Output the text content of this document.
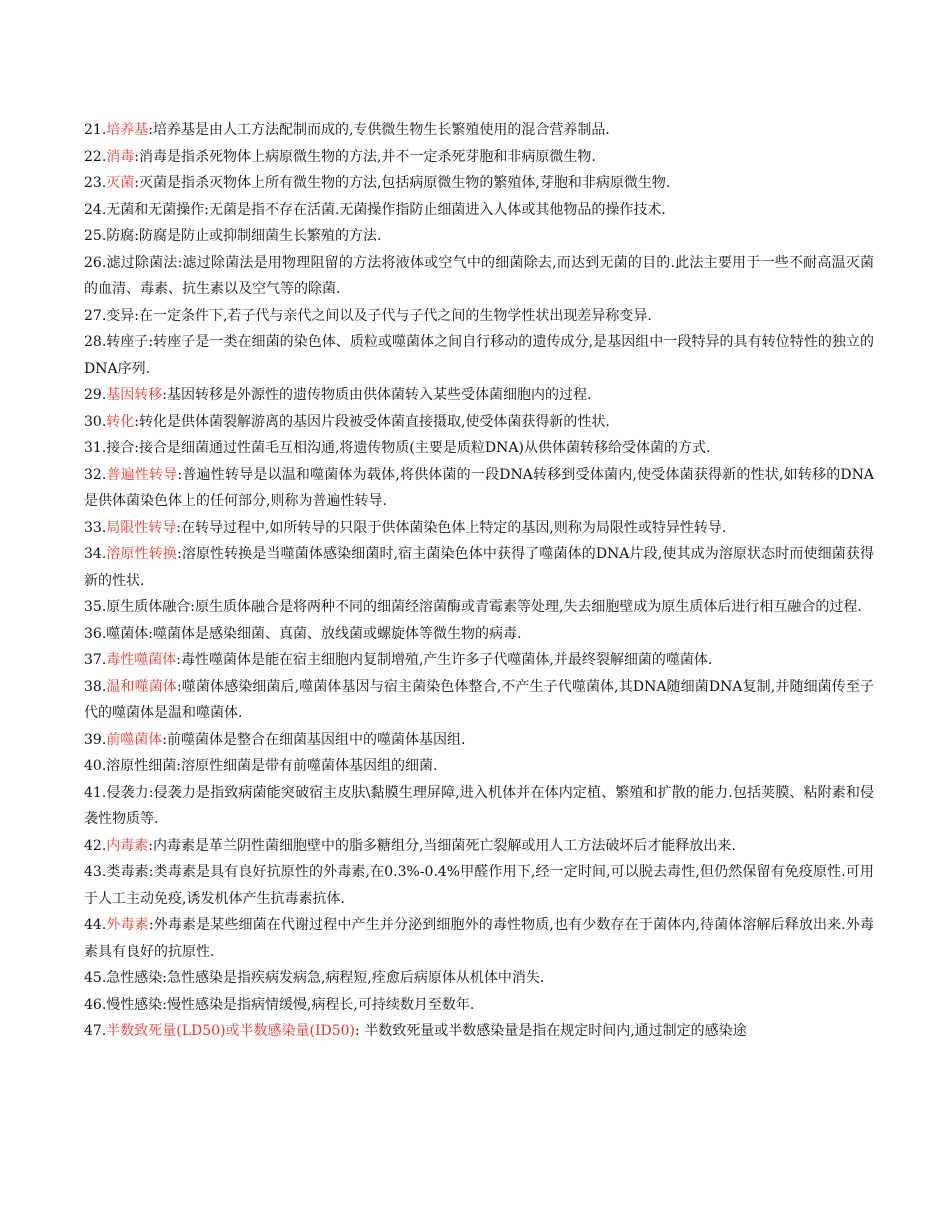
21.培养基:培养基是由人工方法配制而成的,专供微生物生长繁殖使用的混合营养制品.

22.消毒:消毒是指杀死物体上病原微生物的方法,并不一定杀死芽胞和非病原微生物.

23.灭菌:灭菌是指杀灭物体上所有微生物的方法,包括病原微生物的繁殖体,芽胞和非病原微生物.

24.无菌和无菌操作:无菌是指不存在活菌.无菌操作指防止细菌进入人体或其他物品的操作技术.

25.防腐:防腐是防止或抑制细菌生长繁殖的方法.

26.滤过除菌法:滤过除菌法是用物理阻留的方法将液体或空气中的细菌除去,而达到无菌的目的.此法主要用于一些不耐高温灭菌的血清、毒素、抗生素以及空气等的除菌.

27.变异:在一定条件下,若子代与亲代之间以及子代与子代之间的生物学性状出现差异称变异.

28.转座子:转座子是一类在细菌的染色体、质粒或噬菌体之间自行移动的遗传成分,是基因组中一段特异的具有转位特性的独立的DNA序列.

29.基因转移:基因转移是外源性的遗传物质由供体菌转入某些受体菌细胞内的过程.

30.转化:转化是供体菌裂解游离的基因片段被受体菌直接摄取,使受体菌获得新的性状.

31.接合:接合是细菌通过性菌毛互相沟通,将遗传物质(主要是质粒DNA)从供体菌转移给受体菌的方式.

32.普遍性转导:普遍性转导是以温和噬菌体为载体,将供体菌的一段DNA转移到受体菌内,使受体菌获得新的性状,如转移的DNA是供体菌染色体上的任何部分,则称为普遍性转导.

33.局限性转导:在转导过程中,如所转导的只限于供体菌染色体上特定的基因,则称为局限性或特异性转导.

34.溶原性转换:溶原性转换是当噬菌体感染细菌时,宿主菌染色体中获得了噬菌体的DNA片段,使其成为溶原状态时而使细菌获得新的性状.

35.原生质体融合:原生质体融合是将两种不同的细菌经溶菌酶或青霉素等处理,失去细胞壁成为原生质体后进行相互融合的过程.

36.噬菌体:噬菌体是感染细菌、真菌、放线菌或螺旋体等微生物的病毒.

37.毒性噬菌体:毒性噬菌体是能在宿主细胞内复制增殖,产生许多子代噬菌体,并最终裂解细菌的噬菌体.

38.温和噬菌体:噬菌体感染细菌后,噬菌体基因与宿主菌染色体整合,不产生子代噬菌体,其DNA随细菌DNA复制,并随细菌传至子代的噬菌体是温和噬菌体.

39.前噬菌体:前噬菌体是整合在细菌基因组中的噬菌体基因组.

40.溶原性细菌:溶原性细菌是带有前噬菌体基因组的细菌.

41.侵袭力:侵袭力是指致病菌能突破宿主皮肤\黏膜生理屏障,进入机体并在体内定植、繁殖和扩散的能力.包括荚膜、粘附素和侵袭性物质等.

42.内毒素:内毒素是革兰阴性菌细胞壁中的脂多糖组分,当细菌死亡裂解或用人工方法破坏后才能释放出来.

43.类毒素:类毒素是具有良好抗原性的外毒素,在0.3%-0.4%甲醛作用下,经一定时间,可以脱去毒性,但仍然保留有免疫原性.可用于人工主动免疫,诱发机体产生抗毒素抗体.

44.外毒素:外毒素是某些细菌在代谢过程中产生并分泌到细胞外的毒性物质,也有少数存在于菌体内,待菌体溶解后释放出来.外毒素具有良好的抗原性.

45.急性感染:急性感染是指疾病发病急,病程短,痊愈后病原体从机体中消失.

46.慢性感染:慢性感染是指病情缓慢,病程长,可持续数月至数年.

47.半数致死量(LD50)或半数感染量(ID50): 半数致死量或半数感染量是指在规定时间内,通过制定的感染途
